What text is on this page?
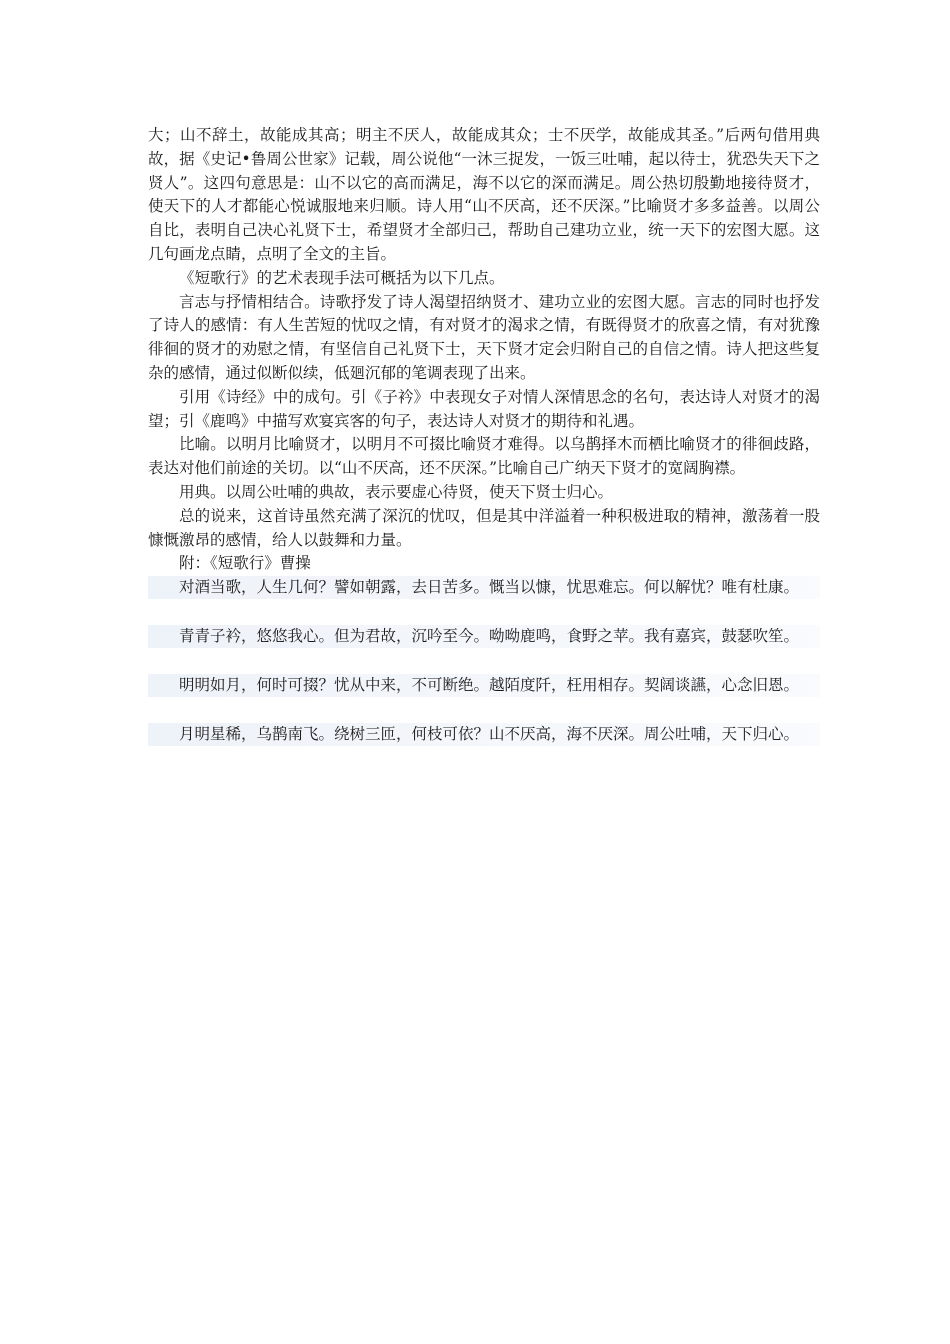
大；山不辞土，故能成其高；明主不厌人，故能成其众；士不厌学，故能成其圣。”后两句借用典故，据《史记•鲁周公世家》记载，周公说他“一沐三捉发，一饭三吐哺，起以待士，犹恐失天下之贤人”。这四句意思是：山不以它的高而满足，海不以它的深而满足。周公热切殷勤地接待贤才，使天下的人才都能心悦诚服地来归顺。诗人用“山不厌高，还不厌深。”比喻贤才多多益善。以周公自比，表明自己决心礼贤下士，希望贤才全部归己，帮助自己建功立业，统一天下的宏图大愿。这几句画龙点睛，点明了全文的主旨。

《短歌行》的艺术表现手法可概括为以下几点。

言志与抒情相结合。诗歌抒发了诗人渴望招纳贤才、建功立业的宏图大愿。言志的同时也抒发了诗人的感情：有人生苦短的忧叹之情，有对贤才的渴求之情，有既得贤才的欣喜之情，有对犹豫徘徊的贤才的劝慰之情，有坚信自己礼贤下士，天下贤才定会归附自己的自信之情。诗人把这些复杂的感情，通过似断似续，低廻沉郁的笔调表现了出来。

引用《诗经》中的成句。引《子衿》中表现女子对情人深情思念的名句，表达诗人对贤才的渴望；引《鹿鸣》中描写欢宴宾客的句子，表达诗人对贤才的期待和礼遇。

比喻。以明月比喻贤才，以明月不可掇比喻贤才难得。以乌鹊择木而栖比喻贤才的徘徊歧路，表达对他们前途的关切。以“山不厌高，还不厌深。”比喻自己广纳天下贤才的宽阔胸襟。

用典。以周公吐哺的典故，表示要虚心待贤，使天下贤士归心。

总的说来，这首诗虽然充满了深沉的忧叹，但是其中洋溢着一种积极进取的精神，激荡着一股慷慨激昂的感情，给人以鼓舞和力量。

附：《短歌行》曹操

对酒当歌，人生几何？譬如朝露，去日苦多。慨当以慷，忧思难忘。何以解忧？唯有杜康。

青青子衿，悠悠我心。但为君故，沉吟至今。呦呦鹿鸣，食野之苹。我有嘉宾，鼓瑟吹笙。

明明如月，何时可掇？忧从中来，不可断绝。越陌度阡，枉用相存。契阔谈讌，心念旧恩。

月明星稀，乌鹊南飞。绕树三匝，何枝可依？山不厌高，海不厌深。周公吐哺，天下归心。
